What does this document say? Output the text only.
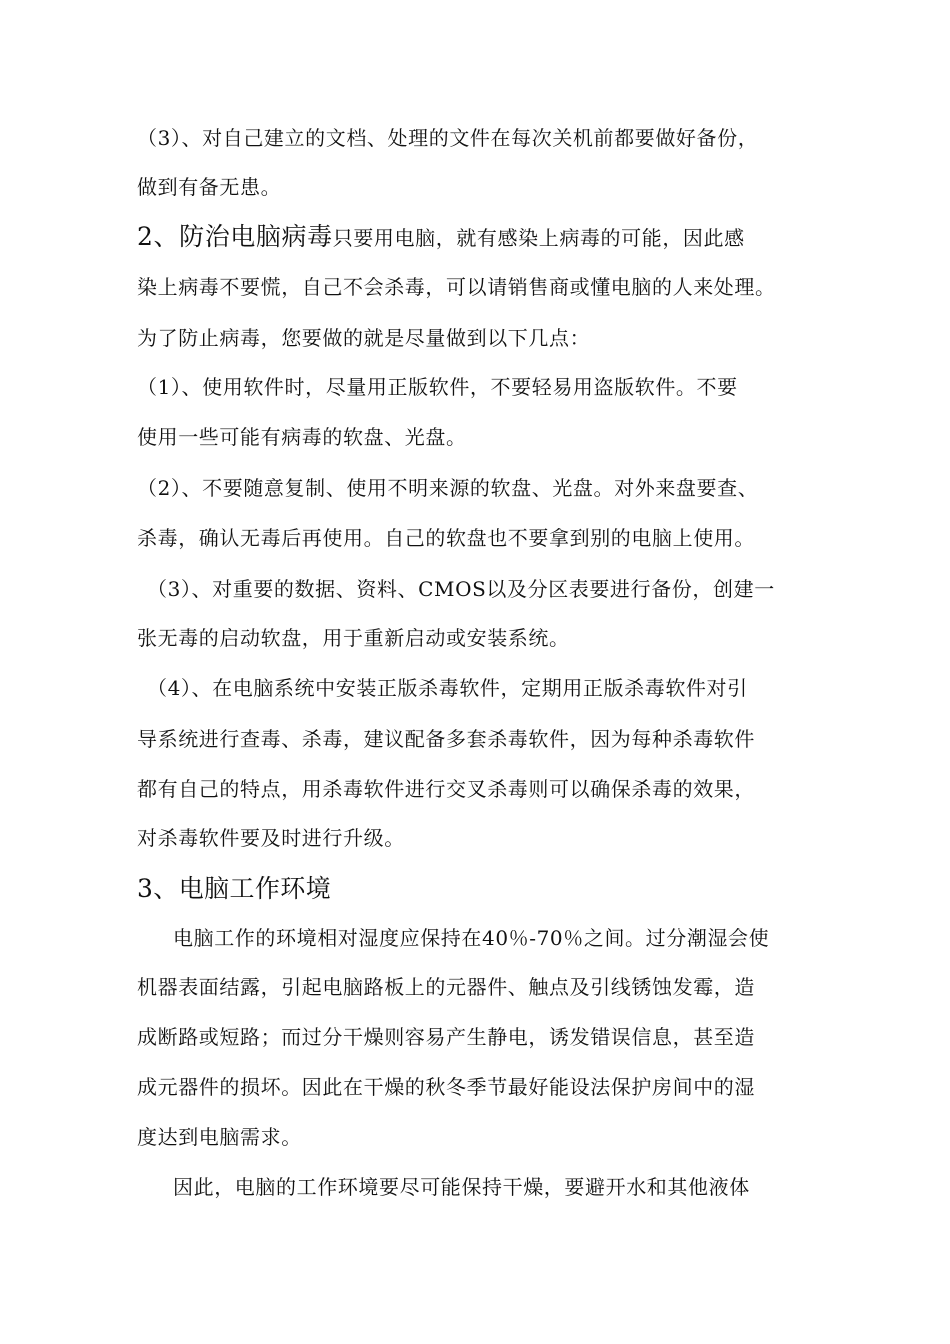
（3）、对自己建立的文档、处理的文件在每次关机前都要做好备份，
做到有备无患。
2、防治电脑病毒只要用电脑，就有感染上病毒的可能，因此感
染上病毒不要慌，自己不会杀毒，可以请销售商或懂电脑的人来处理。
为了防止病毒，您要做的就是尽量做到以下几点：
（1）、使用软件时，尽量用正版软件，不要轻易用盗版软件。不要
使用一些可能有病毒的软盘、光盘。
（2）、不要随意复制、使用不明来源的软盘、光盘。对外来盘要查、
杀毒，确认无毒后再使用。自己的软盘也不要拿到别的电脑上使用。
（3）、对重要的数据、资料、CMOS以及分区表要进行备份，创建一
张无毒的启动软盘，用于重新启动或安装系统。
（4）、在电脑系统中安装正版杀毒软件，定期用正版杀毒软件对引
导系统进行查毒、杀毒，建议配备多套杀毒软件，因为每种杀毒软件
都有自己的特点，用杀毒软件进行交叉杀毒则可以确保杀毒的效果，
对杀毒软件要及时进行升级。
3、电脑工作环境
电脑工作的环境相对湿度应保持在40％-70％之间。过分潮湿会使
机器表面结露，引起电脑路板上的元器件、触点及引线锈蚀发霉，造
成断路或短路；而过分干燥则容易产生静电，诱发错误信息，甚至造
成元器件的损坏。因此在干燥的秋冬季节最好能设法保护房间中的湿
度达到电脑需求。
因此，电脑的工作环境要尽可能保持干燥，要避开水和其他液体
